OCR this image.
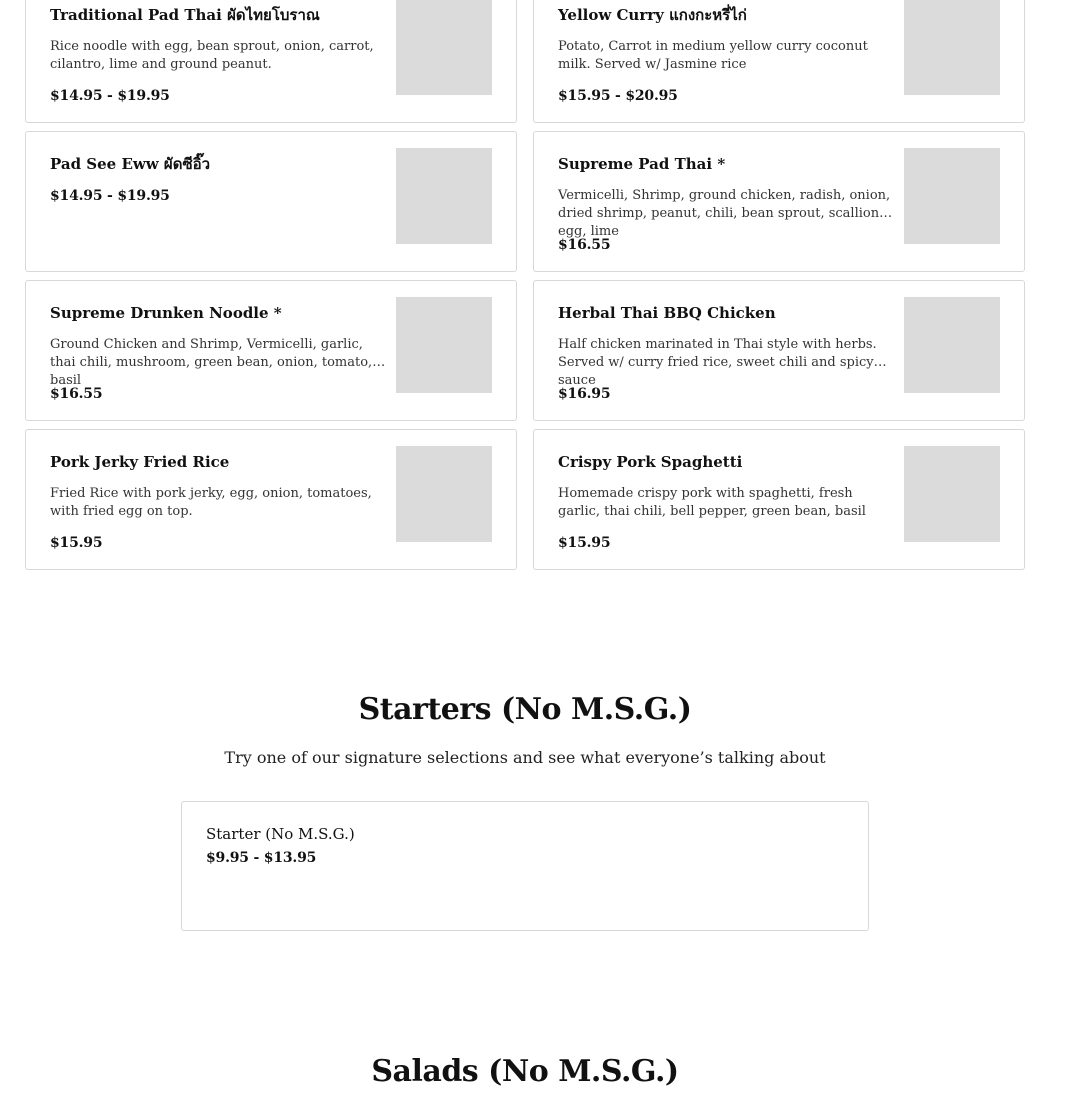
Traditional Pad Thai ผัดไทยโบราณ
Rice noodle with egg, bean sprout, onion, carrot, cilantro, lime and ground peanut.
$14.95 - $19.95
Yellow Curry แกงกะหรี่ไก่
Potato, Carrot in medium yellow curry coconut milk. Served w/ Jasmine rice
$15.95 - $20.95
Pad See Eww ผัดซีอิ๊ว
$14.95 - $19.95
Supreme Pad Thai *
Vermicelli, Shrimp, ground chicken, radish, onion, dried shrimp, peanut, chili, bean sprout, scallion, egg, lime
$16.55
Supreme Drunken Noodle *
Ground Chicken and Shrimp, Vermicelli, garlic, thai chili, mushroom, green bean, onion, tomato, basil
$16.55
Herbal Thai BBQ Chicken
Half chicken marinated in Thai style with herbs. Served w/ curry fried rice, sweet chili and spicy sauce
$16.95
Pork Jerky Fried Rice
Fried Rice with pork jerky, egg, onion, tomatoes, with fried egg on top.
$15.95
Crispy Pork Spaghetti
Homemade crispy pork with spaghetti, fresh garlic, thai chili, bell pepper, green bean, basil
$15.95
Starters (No M.S.G.)

Try one of our signature selections and see what everyone’s talking about

Starter (No M.S.G.)
$9.95 - $13.95
Salads (No M.S.G.)
